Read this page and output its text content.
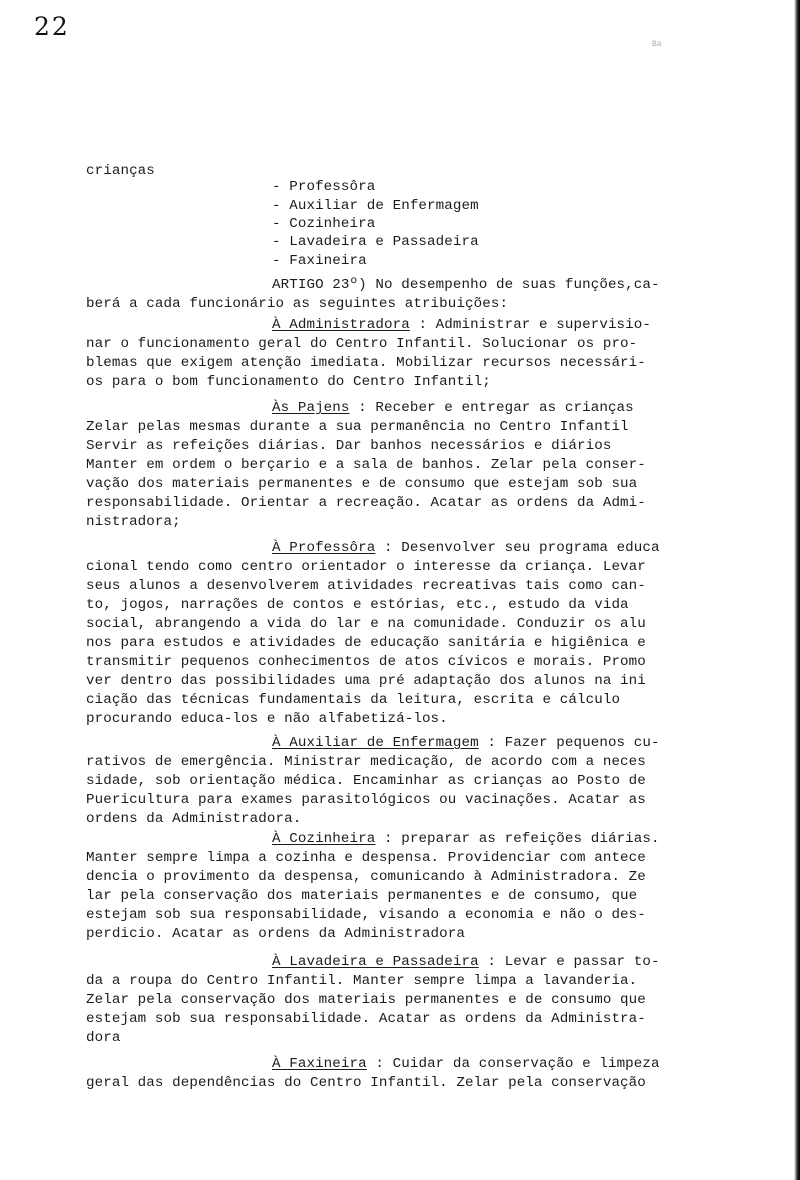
22
Ba
crianças
- Professôra
- Auxiliar de Enfermagem
- Cozinheira
- Lavadeira e Passadeira
- Faxineira
ARTIGO 23º) No desempenho de suas funções,ca-
berá a cada funcionário as seguintes atribuições:
À Administradora : Administrar e supervisio-
nar o funcionamento geral do Centro Infantil. Solucionar os pro-
blemas que exigem atenção imediata. Mobilizar recursos necessári-
os para o bom funcionamento do Centro Infantil;
Às Pajens : Receber e entregar as crianças
Zelar pelas mesmas durante a sua permanência no Centro Infantil
Servir as refeições diárias. Dar banhos necessários e diários
Manter em ordem o berçario e a sala de banhos. Zelar pela conser-
vação dos materiais permanentes e de consumo que estejam sob sua
responsabilidade. Orientar a recreação. Acatar as ordens da Admi-
nistradora;
À Professôra : Desenvolver seu programa educa
cional tendo como centro orientador o interesse da criança. Levar
seus alunos a desenvolverem atividades recreativas tais como can-
to, jogos, narrações de contos e estórias, etc., estudo da vida
social, abrangendo a vida do lar e na comunidade. Conduzir os alu
nos para estudos e atividades de educação sanitária e higiênica e
transmitir pequenos conhecimentos de atos cívicos e morais. Promo
ver dentro das possibilidades uma pré adaptação dos alunos na ini
ciação das técnicas fundamentais da leitura, escrita e cálculo
procurando educa-los e não alfabetizá-los.
À Auxiliar de Enfermagem : Fazer pequenos cu-
rativos de emergência. Ministrar medicação, de acordo com a neces
sidade, sob orientação médica. Encaminhar as crianças ao Posto de
Puericultura para exames parasitológicos ou vacinações. Acatar as
ordens da Administradora.
À Cozinheira : preparar as refeições diárias.
Manter sempre limpa a cozinha e despensa. Providenciar com antece
dencia o provimento da despensa, comunicando à Administradora. Ze
lar pela conservação dos materiais permanentes e de consumo, que
estejam sob sua responsabilidade, visando a economia e não o des-
perdicio. Acatar as ordens da Administradora
À Lavadeira e Passadeira : Levar e passar to-
da a roupa do Centro Infantil. Manter sempre limpa a lavanderia.
Zelar pela conservação dos materiais permanentes e de consumo que
estejam sob sua responsabilidade. Acatar as ordens da Administra-
dora
À Faxineira : Cuidar da conservação e limpeza
geral das dependências do Centro Infantil. Zelar pela conservação
